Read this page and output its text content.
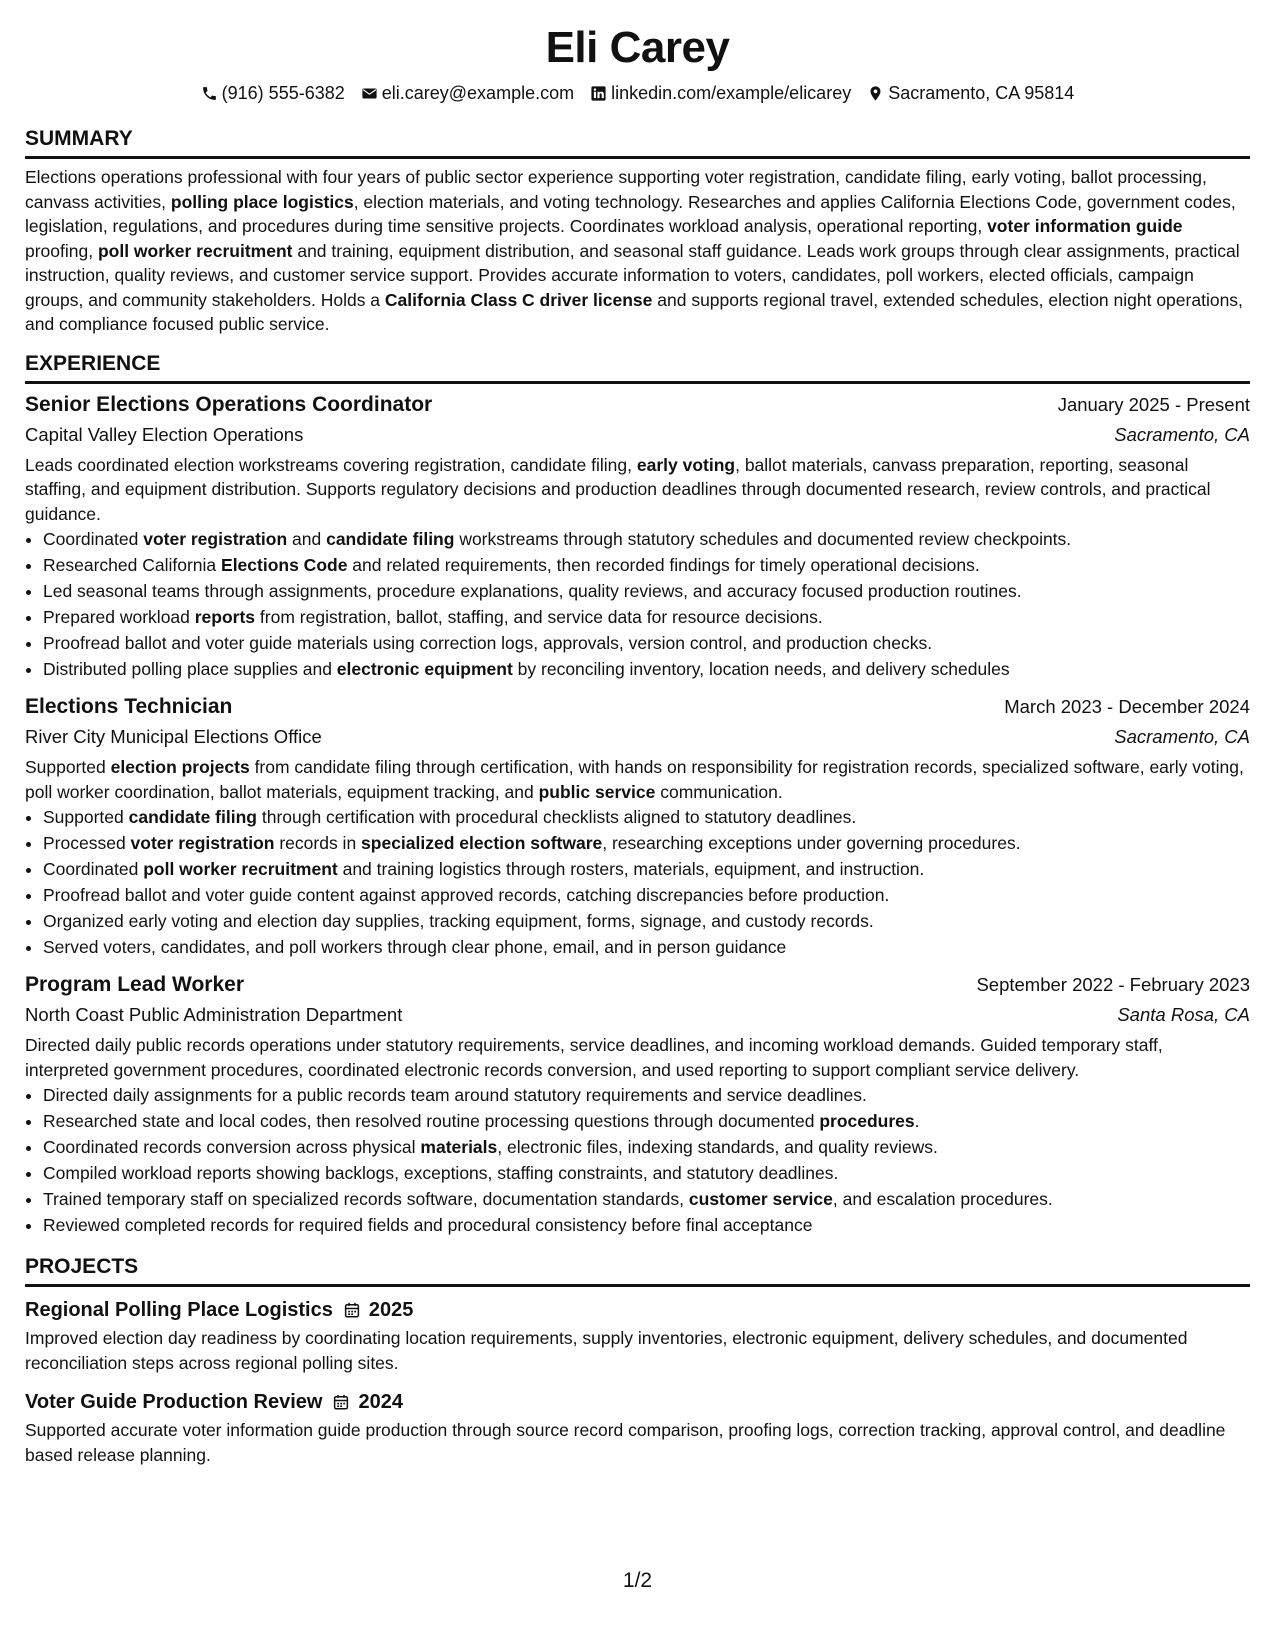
Eli Carey
(916) 555-6382 eli.carey@example.com linkedin.com/example/elicarey Sacramento, CA 95814
SUMMARY

Elections operations professional with four years of public sector experience supporting voter registration, candidate filing, early voting, ballot processing, canvass activities, polling place logistics, election materials, and voting technology. Researches and applies California Elections Code, government codes, legislation, regulations, and procedures during time sensitive projects. Coordinates workload analysis, operational reporting, voter information guide proofing, poll worker recruitment and training, equipment distribution, and seasonal staff guidance. Leads work groups through clear assignments, practical instruction, quality reviews, and customer service support. Provides accurate information to voters, candidates, poll workers, elected officials, campaign groups, and community stakeholders. Holds a California Class C driver license and supports regional travel, extended schedules, election night operations, and compliance focused public service.

EXPERIENCE
Senior Elections Operations Coordinator	January 2025 - Present
Capital Valley Election Operations	Sacramento, CA

Leads coordinated election workstreams covering registration, candidate filing, early voting, ballot materials, canvass preparation, reporting, seasonal staffing, and equipment distribution. Supports regulatory decisions and production deadlines through documented research, review controls, and practical guidance.

• Coordinated voter registration and candidate filing workstreams through statutory schedules and documented review checkpoints.
• Researched California Elections Code and related requirements, then recorded findings for timely operational decisions.
• Led seasonal teams through assignments, procedure explanations, quality reviews, and accuracy focused production routines.
• Prepared workload reports from registration, ballot, staffing, and service data for resource decisions.
• Proofread ballot and voter guide materials using correction logs, approvals, version control, and production checks.
• Distributed polling place supplies and electronic equipment by reconciling inventory, location needs, and delivery schedules
Elections Technician	March 2023 - December 2024
River City Municipal Elections Office	Sacramento, CA

Supported election projects from candidate filing through certification, with hands on responsibility for registration records, specialized software, early voting, poll worker coordination, ballot materials, equipment tracking, and public service communication.

• Supported candidate filing through certification with procedural checklists aligned to statutory deadlines.
• Processed voter registration records in specialized election software, researching exceptions under governing procedures.
• Coordinated poll worker recruitment and training logistics through rosters, materials, equipment, and instruction.
• Proofread ballot and voter guide content against approved records, catching discrepancies before production.
• Organized early voting and election day supplies, tracking equipment, forms, signage, and custody records.
• Served voters, candidates, and poll workers through clear phone, email, and in person guidance
Program Lead Worker	September 2022 - February 2023
North Coast Public Administration Department	Santa Rosa, CA

Directed daily public records operations under statutory requirements, service deadlines, and incoming workload demands. Guided temporary staff, interpreted government procedures, coordinated electronic records conversion, and used reporting to support compliant service delivery.

• Directed daily assignments for a public records team around statutory requirements and service deadlines.
• Researched state and local codes, then resolved routine processing questions through documented procedures.
• Coordinated records conversion across physical materials, electronic files, indexing standards, and quality reviews.
• Compiled workload reports showing backlogs, exceptions, staffing constraints, and statutory deadlines.
• Trained temporary staff on specialized records software, documentation standards, customer service, and escalation procedures.
• Reviewed completed records for required fields and procedural consistency before final acceptance
PROJECTS
Regional Polling Place Logistics 2025

Improved election day readiness by coordinating location requirements, supply inventories, electronic equipment, delivery schedules, and documented reconciliation steps across regional polling sites.

Voter Guide Production Review 2024

Supported accurate voter information guide production through source record comparison, proofing logs, correction tracking, approval control, and deadline based release planning.

1/2
